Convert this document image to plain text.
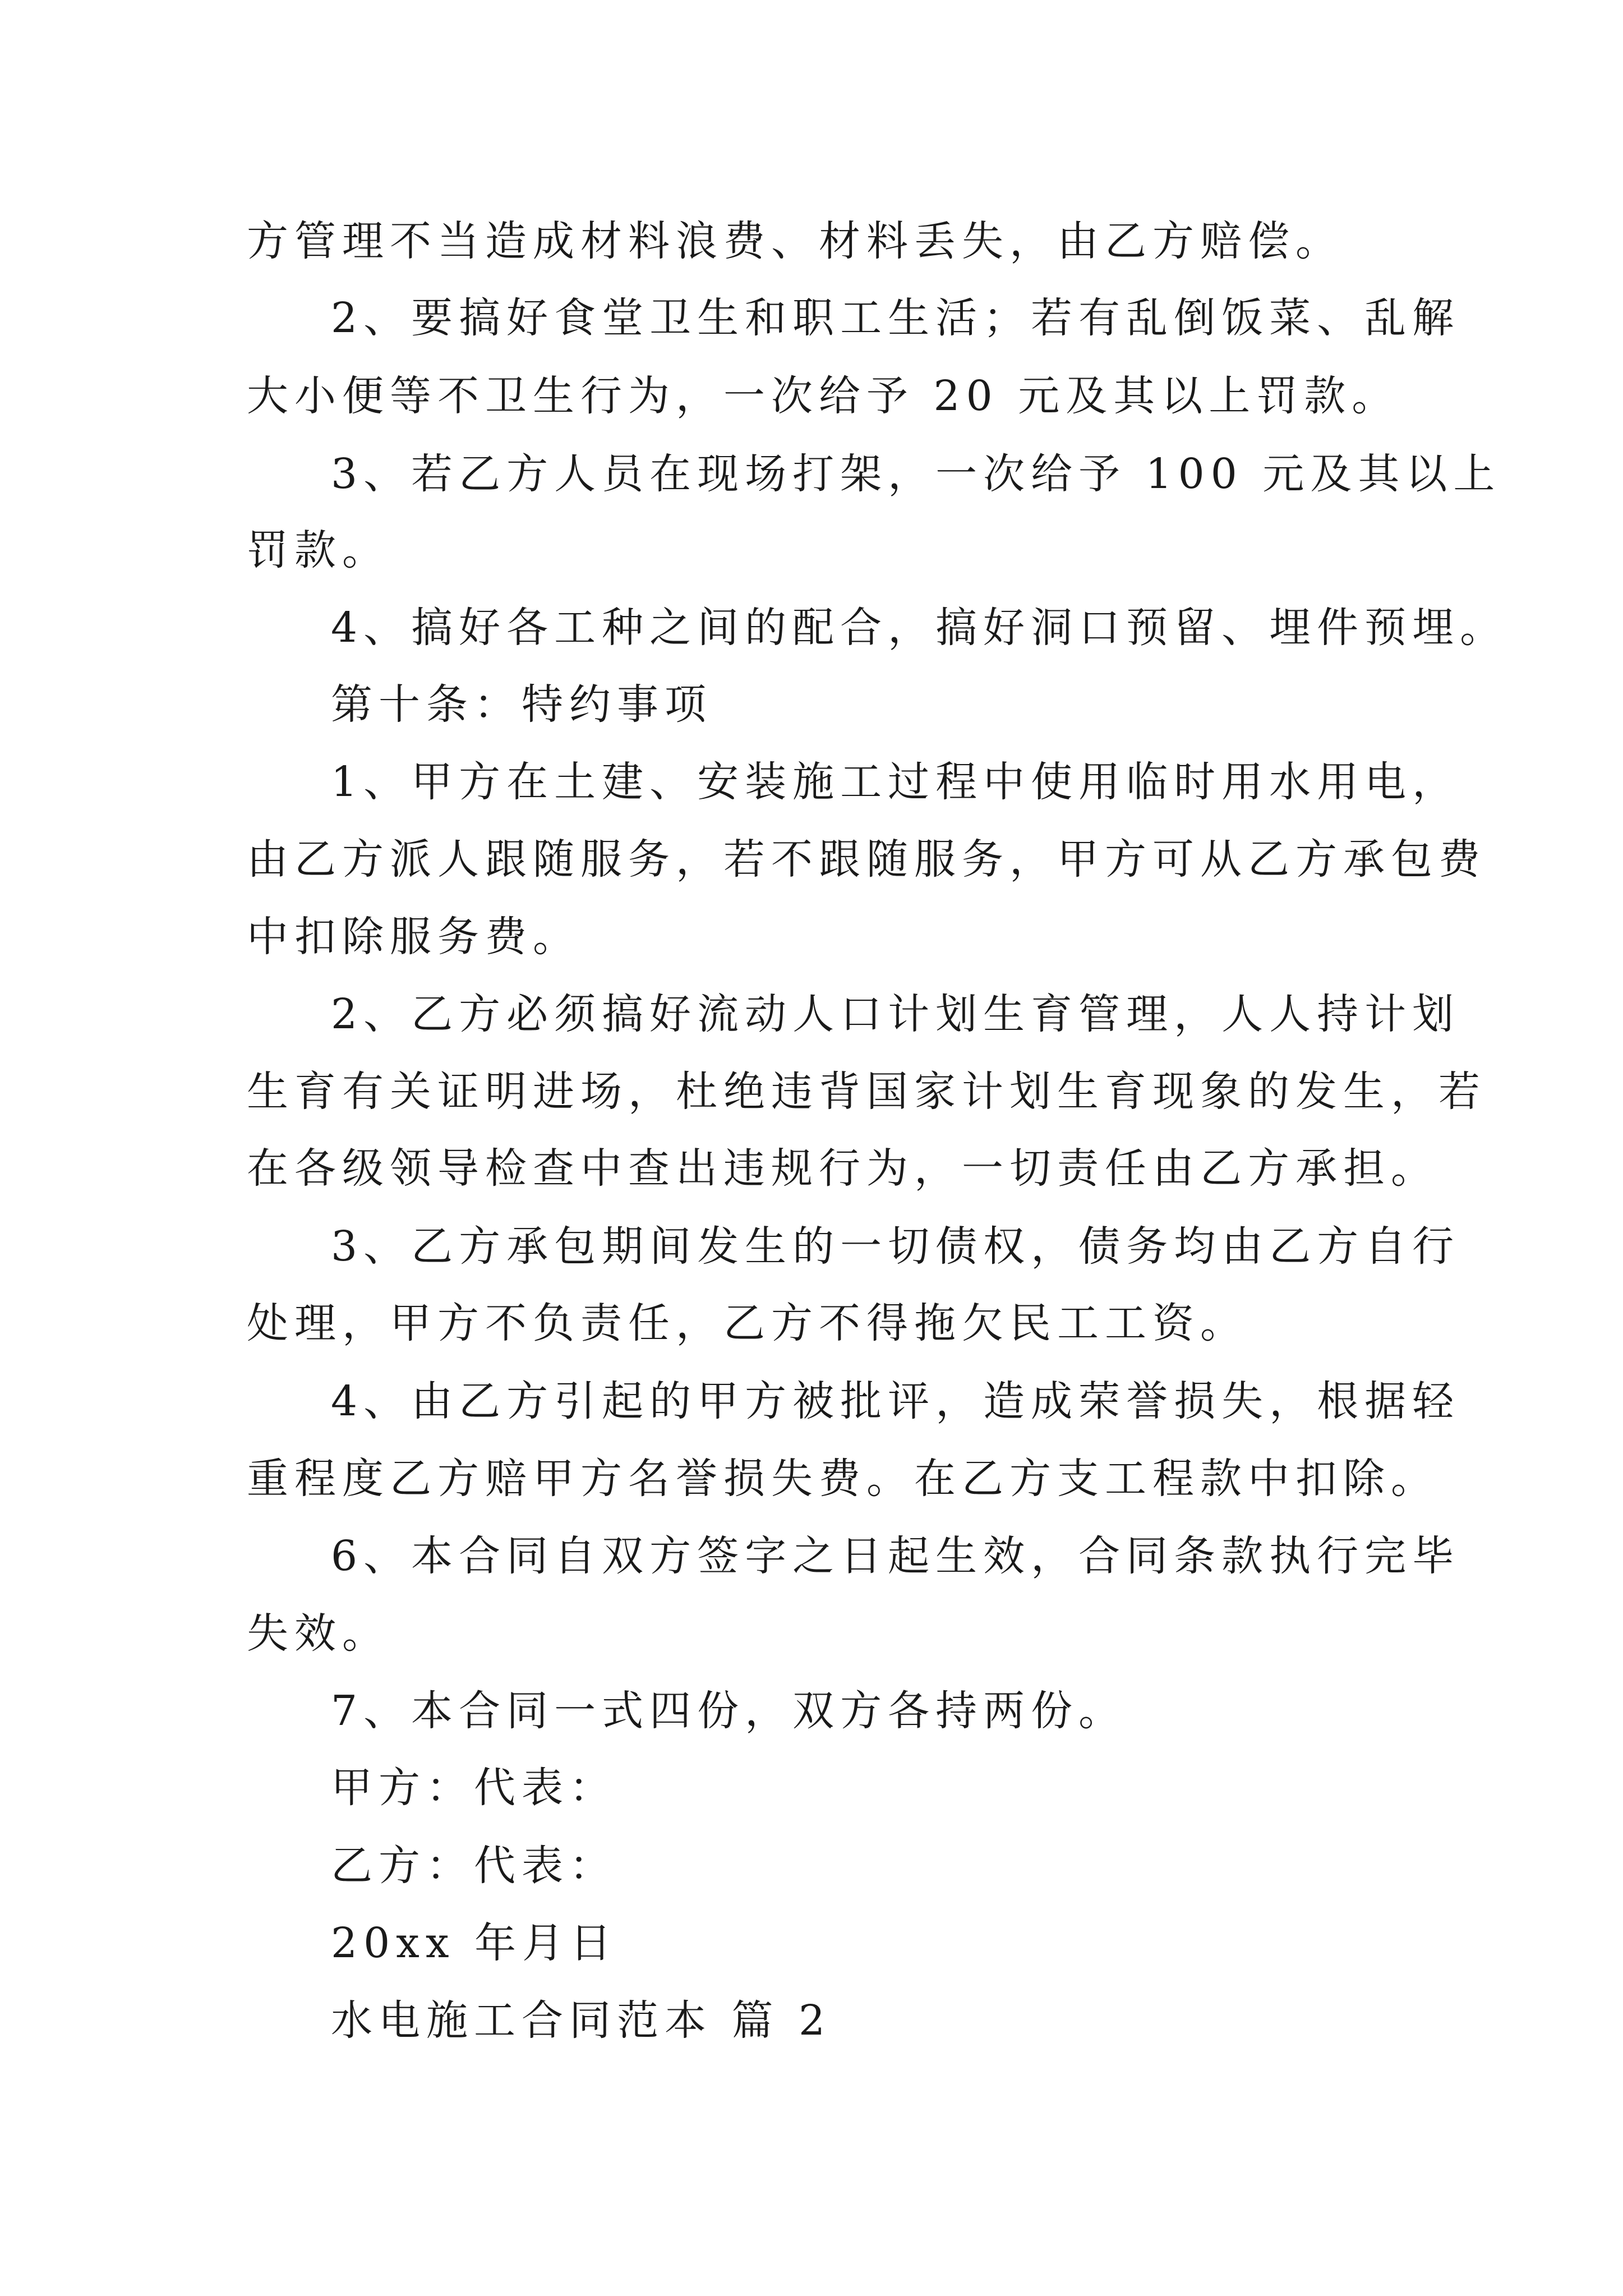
方管理不当造成材料浪费、材料丢失，由乙方赔偿。

2、要搞好食堂卫生和职工生活；若有乱倒饭菜、乱解

大小便等不卫生行为，一次给予 20 元及其以上罚款。

3、若乙方人员在现场打架，一次给予 100 元及其以上

罚款。

4、搞好各工种之间的配合，搞好洞口预留、埋件预埋。

第十条：特约事项

1、甲方在土建、安装施工过程中使用临时用水用电，

由乙方派人跟随服务，若不跟随服务，甲方可从乙方承包费

中扣除服务费。

2、乙方必须搞好流动人口计划生育管理，人人持计划

生育有关证明进场，杜绝违背国家计划生育现象的发生，若

在各级领导检查中查出违规行为，一切责任由乙方承担。

3、乙方承包期间发生的一切债权，债务均由乙方自行

处理，甲方不负责任，乙方不得拖欠民工工资。

4、由乙方引起的甲方被批评，造成荣誉损失，根据轻

重程度乙方赔甲方名誉损失费。在乙方支工程款中扣除。

6、本合同自双方签字之日起生效，合同条款执行完毕

失效。

7、本合同一式四份，双方各持两份。

甲方：代表：

乙方：代表：

20xx 年月日

水电施工合同范本 篇 2
